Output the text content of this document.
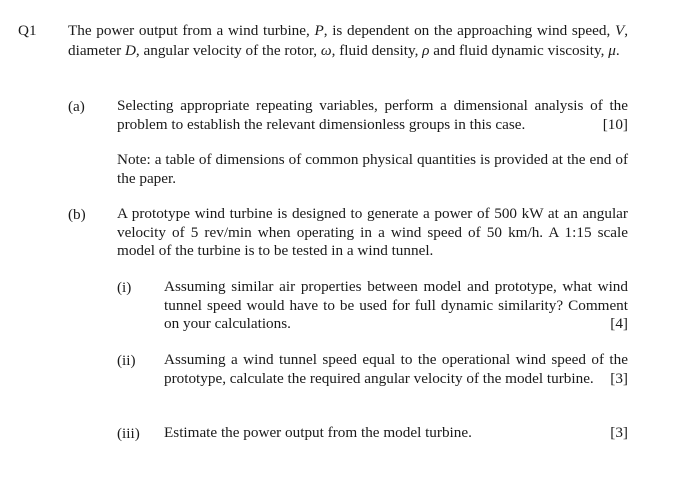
Q1 The power output from a wind turbine, P, is dependent on the approaching wind speed, V, diameter D, angular velocity of the rotor, ω, fluid density, ρ and fluid dynamic viscosity, μ.
(a) Selecting appropriate repeating variables, perform a dimensional analysis of the problem to establish the relevant dimensionless groups in this case.	[10]
Note: a table of dimensions of common physical quantities is provided at the end of the paper.
(b) A prototype wind turbine is designed to generate a power of 500 kW at an angular velocity of 5 rev/min when operating in a wind speed of 50 km/h. A 1:15 scale model of the turbine is to be tested in a wind tunnel.
(i) Assuming similar air properties between model and prototype, what wind tunnel speed would have to be used for full dynamic similarity? Comment on your calculations.	[4]
(ii) Assuming a wind tunnel speed equal to the operational wind speed of the prototype, calculate the required angular velocity of the model turbine. [3]
(iii) Estimate the power output from the model turbine.	[3]
